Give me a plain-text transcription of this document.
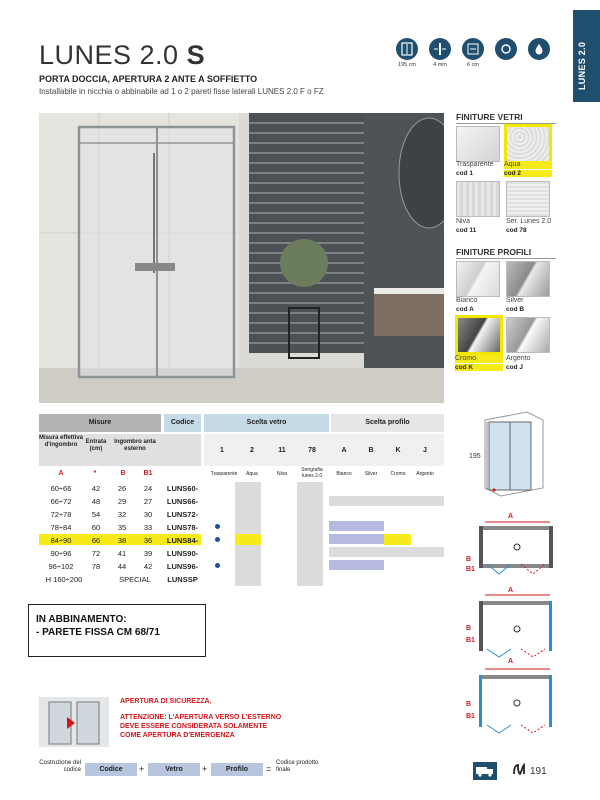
LUNES 2.0
LUNES 2.0 S
PORTA DOCCIA, APERTURA 2 ANTE A SOFFIETTO
Installabile in nicchia o abbinabile ad 1 o 2 pareti fisse laterali LUNES 2.0 F o FZ
195 cm	4 mm	6 cm
FINITURE VETRI
Trasparente
cod 1
Aqua
cod 2
Niva
cod 11
Ser. Lunes 2.0
cod 78
FINITURE PROFILI
Bianco
cod A
Silver
cod B
Cromo
cod K
Argento
cod J
Misure	Codice	Scelta vetro	Scelta profilo
Misura effettiva d'ingombro	Entrata (cm)
Ingombro anta esterno	1	2	11	78	A	B	K	J
A	*	B	B1	Trasparente	Aqua	Niva
Serigrafia lunes 2.0	Bianco	Silver	Cromo	Argento
60÷66	42	26	24	LUNS60-
66÷72	48	29	27	LUNS66-
72÷78	54	32	30	LUNS72-
78÷84	60	35	33	LUNS78-
84÷90	66	38	36	LUNS84-
90÷96	72	41	39	LUNS90-
96÷102	78	44	42	LUNS96-
H 160÷200	SPECIAL	LUNSSP
IN ABBINAMENTO:
- PARETE FISSA CM 68/71
195
A
B
B1
A
B
B1
A
B
B1
APERTURA DI SICUREZZA.
ATTENZIONE: L'APERTURA VERSO L'ESTERNO
DEVE ESSERE CONSIDERATA SOLAMENTE
COME APERTURA D'EMERGENZA
Costruzione del codice	Codice	+	Vetro	+	Profilo	=
Codice prodotto finale	191
